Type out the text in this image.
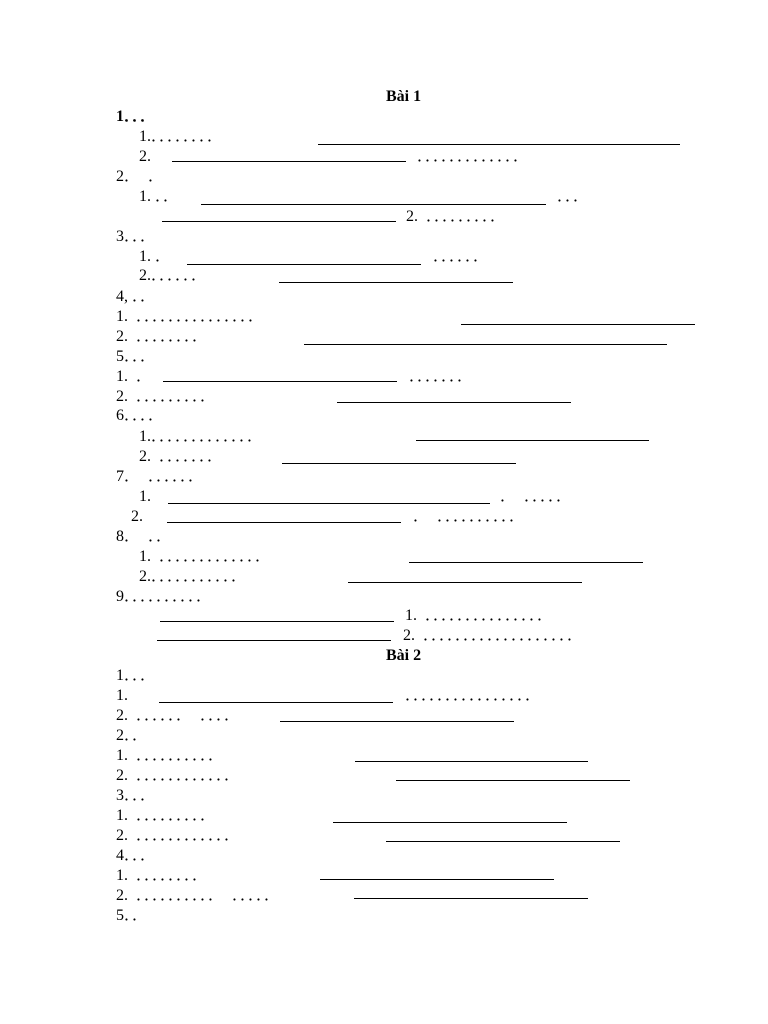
Bài 1
1．．．
1.．．．．．．．．
2.	．．．．．．．．．．．．．
2．  ．
1. ．．	．．．
2.  ．．．．．．．．．
3．．．
1. ．	．．．．．．
2.．．．．．．
4, ．．
1.  ．．．．．．．．．．．．．．．
2.  ．．．．．．．．
5．．．
1.  ．	．．．．．．．
2.  ．．．．．．．．．
6．．．．
1.．．．．．．．．．．．．．
2.  ．．．．．．．
7．  ．．．．．．
1.	．  ．．．．．
2.	．  ．．．．．．．．．．
8．  ．．
1.  ．．．．．．．．．．．．．
2.．．．．．．．．．．．
9．．．．．．．．．．
1.  ．．．．．．．．．．．．．．．
2.  ．．．．．．．．．．．．．．．．．．．
Bài 2
1．．．
1.	．．．．．．．．．．．．．．．．
2.  ．．．．．．  ．．．．
2．．
1.  ．．．．．．．．．．
2.  ．．．．．．．．．．．．
3．．．
1.  ．．．．．．．．．
2.  ．．．．．．．．．．．．
4．．．
1.  ．．．．．．．．
2.  ．．．．．．．．．．  ．．．．．
5．．
